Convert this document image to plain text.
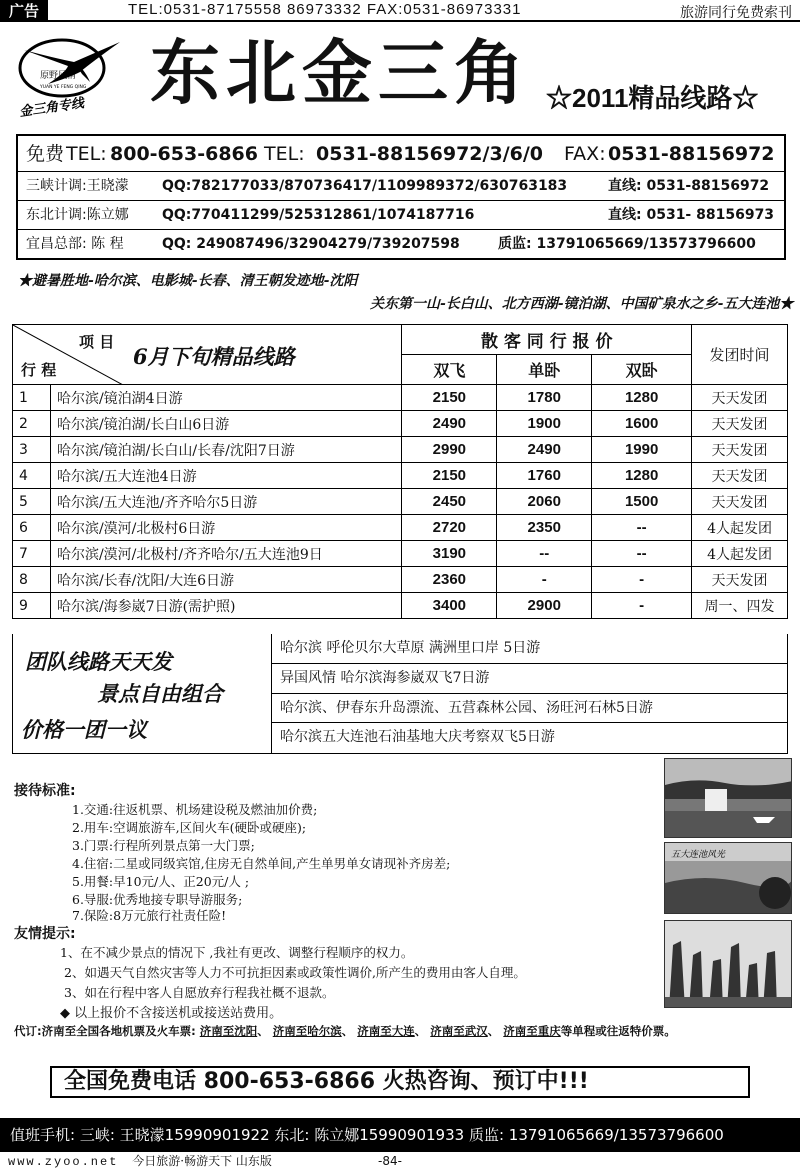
广告	TEL:0531-87175558 86973332 FAX:0531-86973331	旅游同行免费索刊
原野风情
YUAN YE FENG QING
金三角专线 东北金三角 ☆2011精品线路☆
免费 TEL: 800-653-6866 TEL: 0531-88156972/3/6/0 FAX: 0531-88156972
三峡计调:王晓濛 QQ:782177033/870736417/1109989372/630763183	直线: 0531-88156972
东北计调:陈立娜 QQ:770411299/525312861/1074187716	直线: 0531- 88156973
宜昌总部: 陈 程	QQ: 249087496/32904279/739207598	质监: 13791065669/13573796600
★避暑胜地-哈尔滨、电影城-长春、清王朝发迹地-沈阳
关东第一山-长白山、北方西湖-镜泊湖、中国矿泉水之乡-五大连池★
项 目
行 程
6月下旬精品线路		散 客 同 行 报 价			发团时间
		双飞	单卧	双卧	
1	哈尔滨/镜泊湖4日游	2150	1780	1280	天天发团
2	哈尔滨/镜泊湖/长白山6日游	2490	1900	1600	天天发团
3	哈尔滨/镜泊湖/长白山/长春/沈阳7日游	2990	2490	1990	天天发团
4	哈尔滨/五大连池4日游	2150	1760	1280	天天发团
5	哈尔滨/五大连池/齐齐哈尔5日游	2450	2060	1500	天天发团
6	哈尔滨/漠河/北极村6日游	2720	2350	--	4人起发团
7	哈尔滨/漠河/北极村/齐齐哈尔/五大连池9日	3190	--	--	4人起发团
8	哈尔滨/长春/沈阳/大连6日游	2360	-	-	天天发团
9	哈尔滨/海参崴7日游(需护照)	3400	2900	-	周一、四发
团队线路天天发
景点自由组合
价格一团一议
哈尔滨 呼伦贝尔大草原 满洲里口岸 5日游
异国风情 哈尔滨海参崴双飞7日游
哈尔滨、伊春东升岛漂流、五营森林公园、汤旺河石林5日游
哈尔滨五大连池石油基地大庆考察双飞5日游
接待标准:
1.交通:往返机票、机场建设税及燃油加价费;
2.用车:空调旅游车,区间火车(硬卧或硬座);
3.门票:行程所列景点第一大门票;
4.住宿:二星或同级宾馆,住房无自然单间,产生单男单女请现补齐房差;
5.用餐:早10元/人、正20元/人 ;
6.导服:优秀地接专职导游服务;
7.保险:8万元旅行社责任险!
友情提示:
1、在不减少景点的情况下 ,我社有更改、调整行程顺序的权力。
2、如遇天气自然灾害等人力不可抗拒因素或政策性调价,所产生的费用由客人自理。
3、如在行程中客人自愿放弃行程我社概不退款。
◆ 以上报价不含接送机或接送站费用。
五大连池风光
代订:济南至全国各地机票及火车票: 济南至沈阳、 济南至哈尔滨、 济南至大连、 济南至武汉、 济南至重庆等单程或往返特价票。
全国免费电话 800-653-6866 火热咨询、预订中!!!
值班手机: 三峡: 王晓濛15990901922 东北: 陈立娜15990901933 质监: 13791065669/13573796600
www.zyoo.net 今日旅游·畅游天下 山东版	-84-
